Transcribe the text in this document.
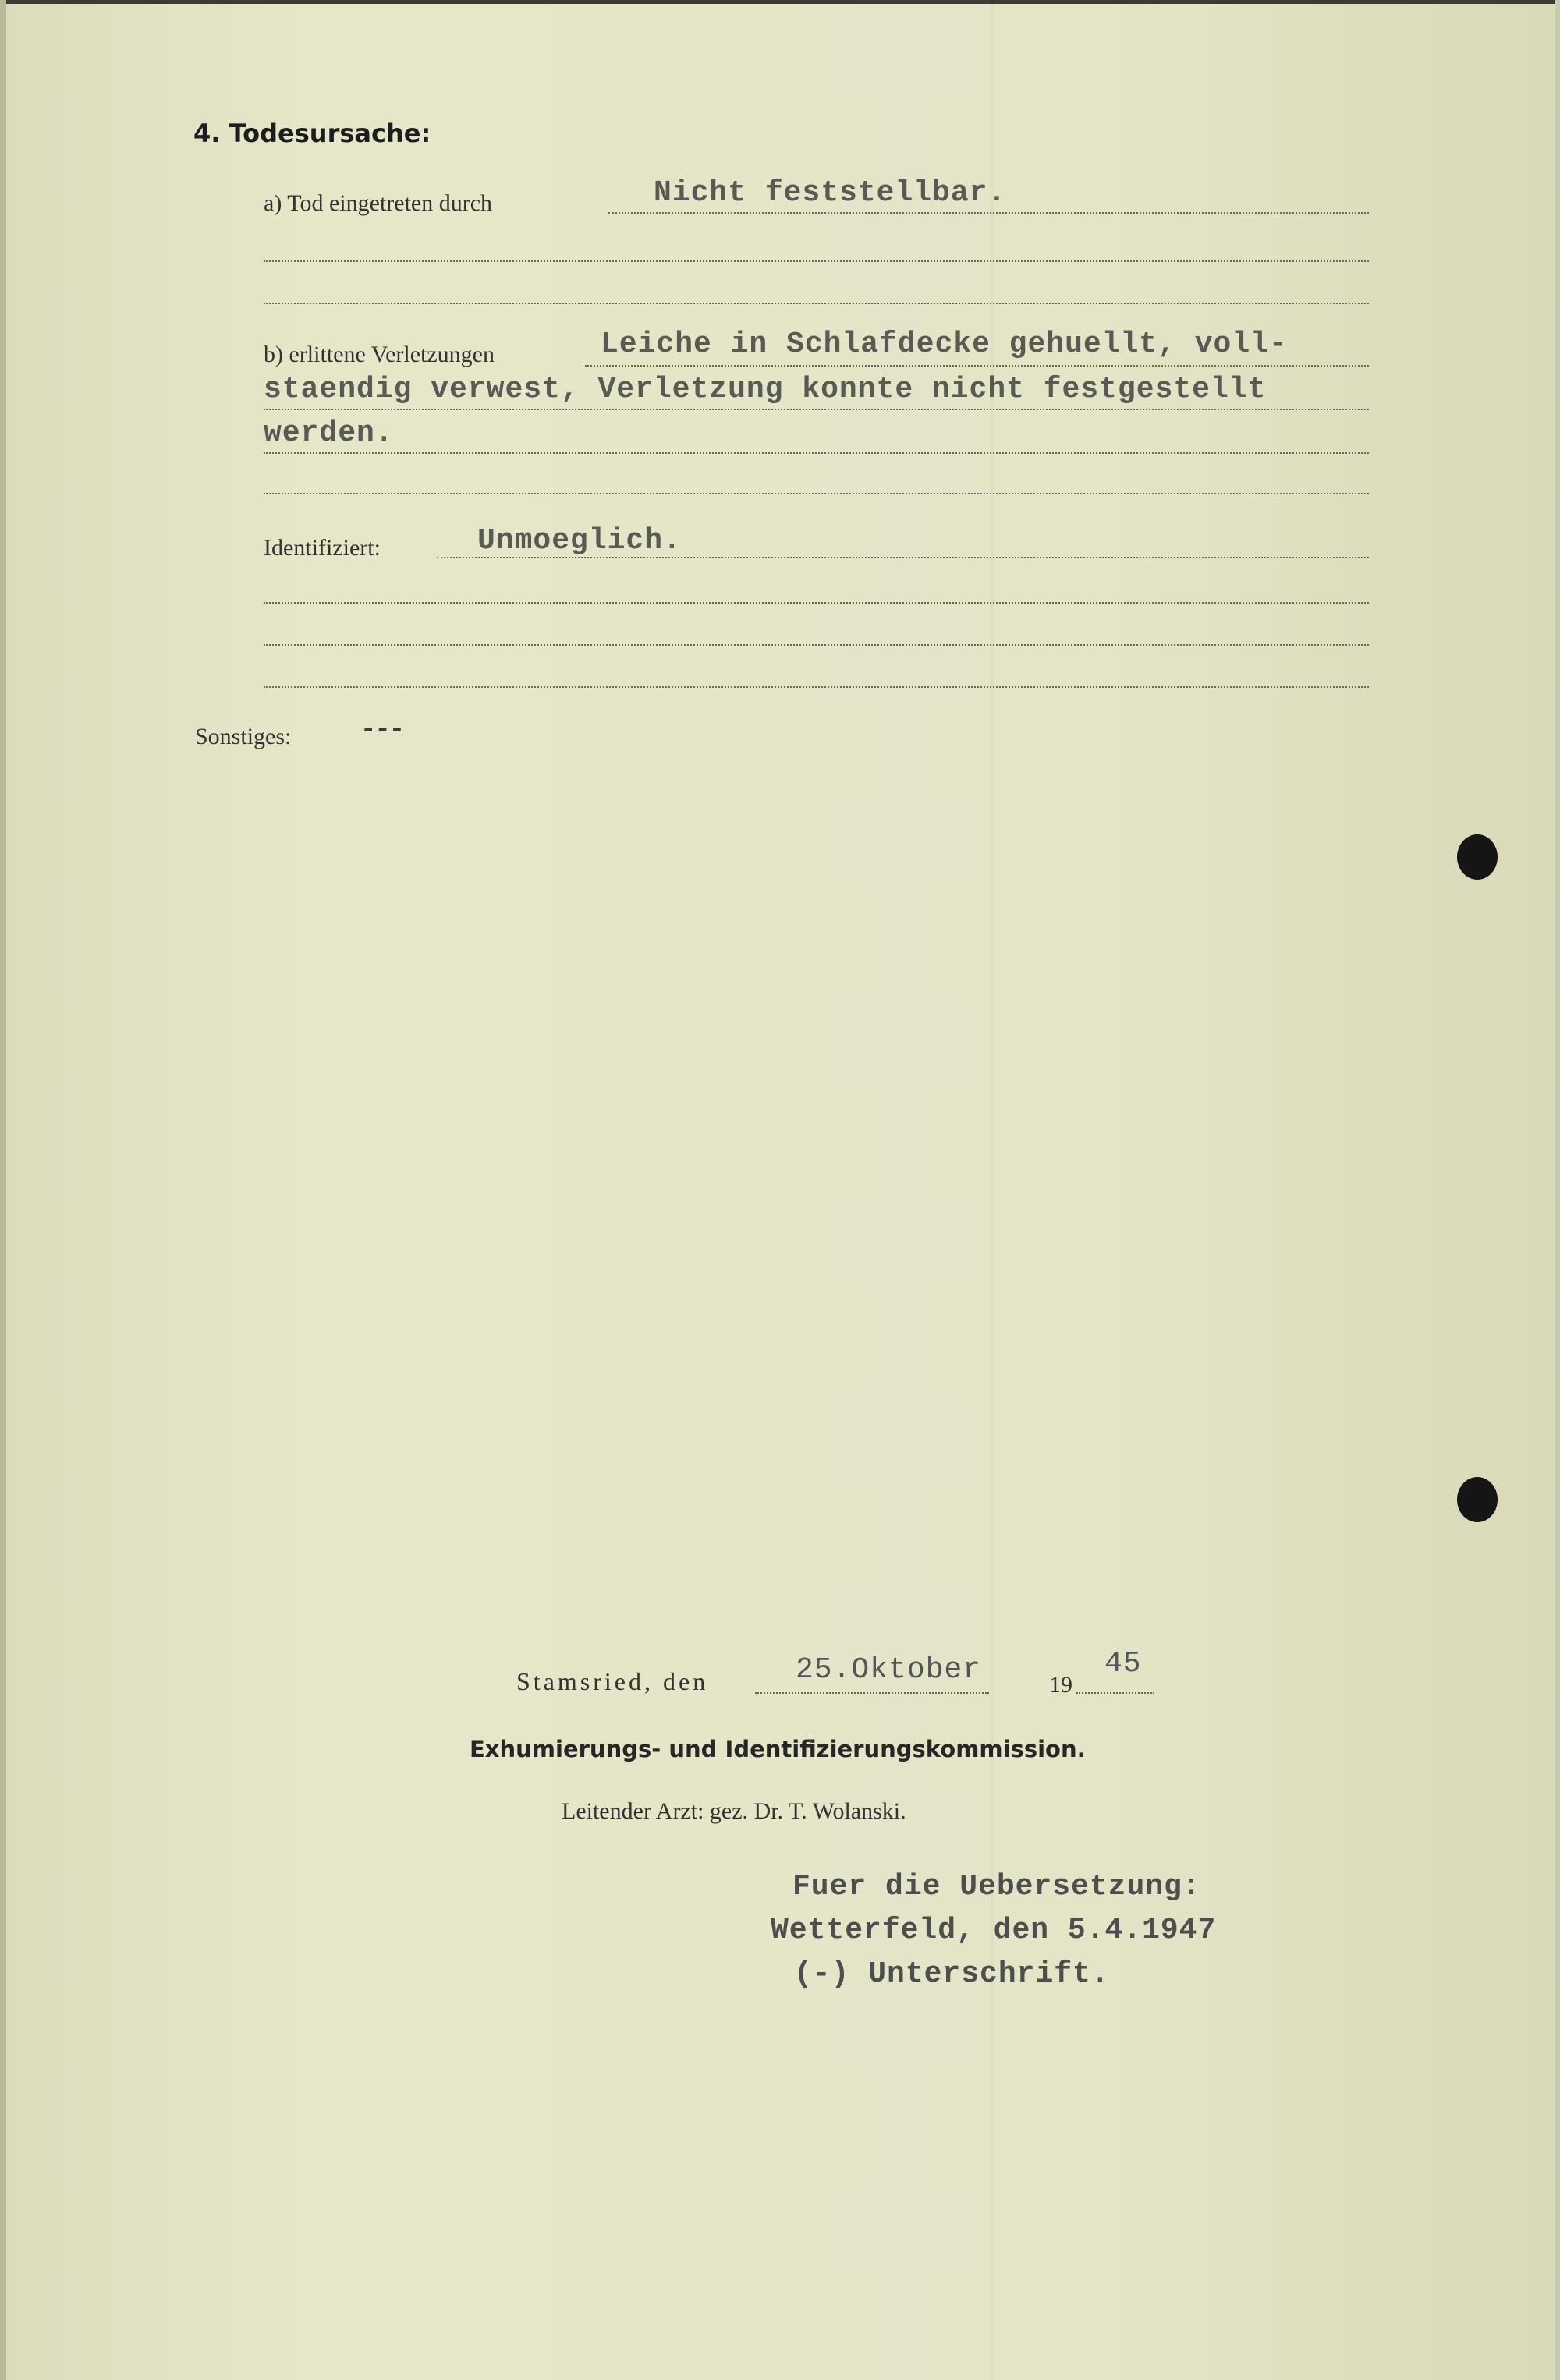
4. Todesursache:
a) Tod eingetreten durch	Nicht feststellbar.
b) erlittene Verletzungen	Leiche in Schlafdecke gehuellt, voll-
staendig verwest, Verletzung konnte nicht festgestellt
werden.
Identifiziert:	Unmoeglich.
Sonstiges:	---
Stamsried, den	25.Oktober	19
45
Exhumierungs- und Identifizierungskommission.
Leitender Arzt: gez. Dr. T. Wolanski.
Fuer die Uebersetzung:
Wetterfeld, den 5.4.1947
(-) Unterschrift.
